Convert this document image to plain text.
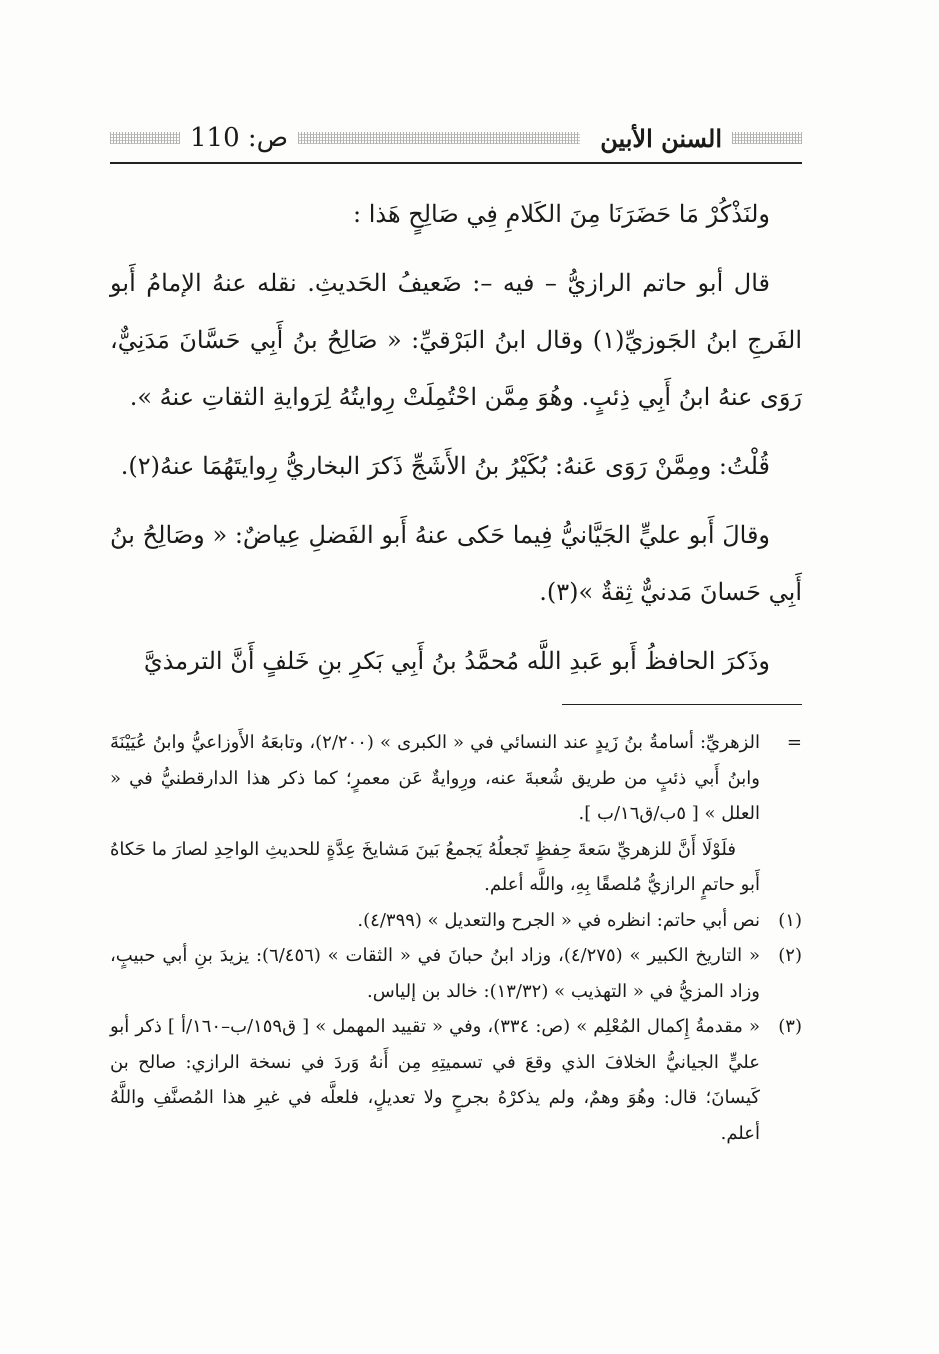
السنن الأبين
ص: 110

ولنَذْكُرْ مَا حَضَرَنَا مِنَ الكَلامِ فِي صَالِحٍ هَذا :

قال أبو حاتم الرازيُّ – فيه –: ضَعيفُ الحَديثِ. نقله عنهُ الإمامُ أَبو الفَرجِ ابنُ الجَوزيِّ(١) وقال ابنُ البَرْقيِّ: « صَالِحُ بنُ أَبِي حَسَّانَ مَدَنِيٌّ، رَوَى عنهُ ابنُ أَبِي ذِئبٍ. وهُوَ مِمَّن احْتُمِلَتْ رِوايتُهُ لِرَوايةِ الثقاتِ عنهُ ».

قُلْتُ: ومِمَّنْ رَوَى عَنهُ: بُكَيْرُ بنُ الأَشَجِّ ذَكرَ البخاريُّ رِوايتَهُمَا عنهُ(٢).

وقالَ أَبو عليٍّ الجَيَّانيُّ فِيما حَكى عنهُ أَبو الفَضلِ عِياضٌ: « وصَالِحُ بنُ أَبِي حَسانَ مَدنيٌّ ثِقةٌ »(٣).

وذَكرَ الحافظُ أَبو عَبدِ اللَّه مُحمَّدُ بنُ أَبِي بَكرِ بنِ خَلفٍ أَنَّ الترمذيَّ

=
الزهريِّ: أسامةُ بنُ زَيدٍ عند النسائي في « الكبرى » (٢/٢٠٠)، وتابعَهُ الأَوزاعيُّ وابنُ عُيَيْنَةَ وابنُ أَبي ذئبٍ من طريق شُعبةَ عنه، ورِوايةٌ عَن معمرٍ؛ كما ذكر هذا الدارقطنيُّ في « العلل » [ ٥ب/ق١٦/ب ].
فلَوْلَا أَنَّ للزهريِّ سَعةَ حِفظٍ تَجعلُهُ يَجمعُ بَينَ مَشايخَ عِدَّةٍ للحديثِ الواحِدِ لصارَ ما حَكاهُ أَبو حاتمٍ الرازيُّ مُلصقًا بِهِ، واللَّه أعلم.
(١)
نص أبي حاتم: انظره في « الجرح والتعديل » (٤/٣٩٩).
(٢)
« التاريخ الكبير » (٤/٢٧٥)، وزاد ابنُ حبانَ في « الثقات » (٦/٤٥٦): يزيدَ بنِ أبي حبيبٍ، وزاد المزيُّ في « التهذيب » (١٣/٣٢): خالد بن إلياس.
(٣)
« مقدمةُ إِكمال المُعْلِم » (ص: ٣٣٤)، وفي « تقييد المهمل » [ ق١٥٩/ب–١٦٠/أ ] ذكر أبو عليٍّ الجيانيُّ الخلافَ الذي وقعَ في تسميتِهِ مِن أَنهُ وَردَ في نسخة الرازي: صالح بن كَيسانَ؛ قال: وهُوَ وهمٌ، ولم يذكرْهُ بجرحٍ ولا تعديلٍ، فلعلَّه في غيرِ هذا المُصنَّفِ واللَّهُ أعلم.
